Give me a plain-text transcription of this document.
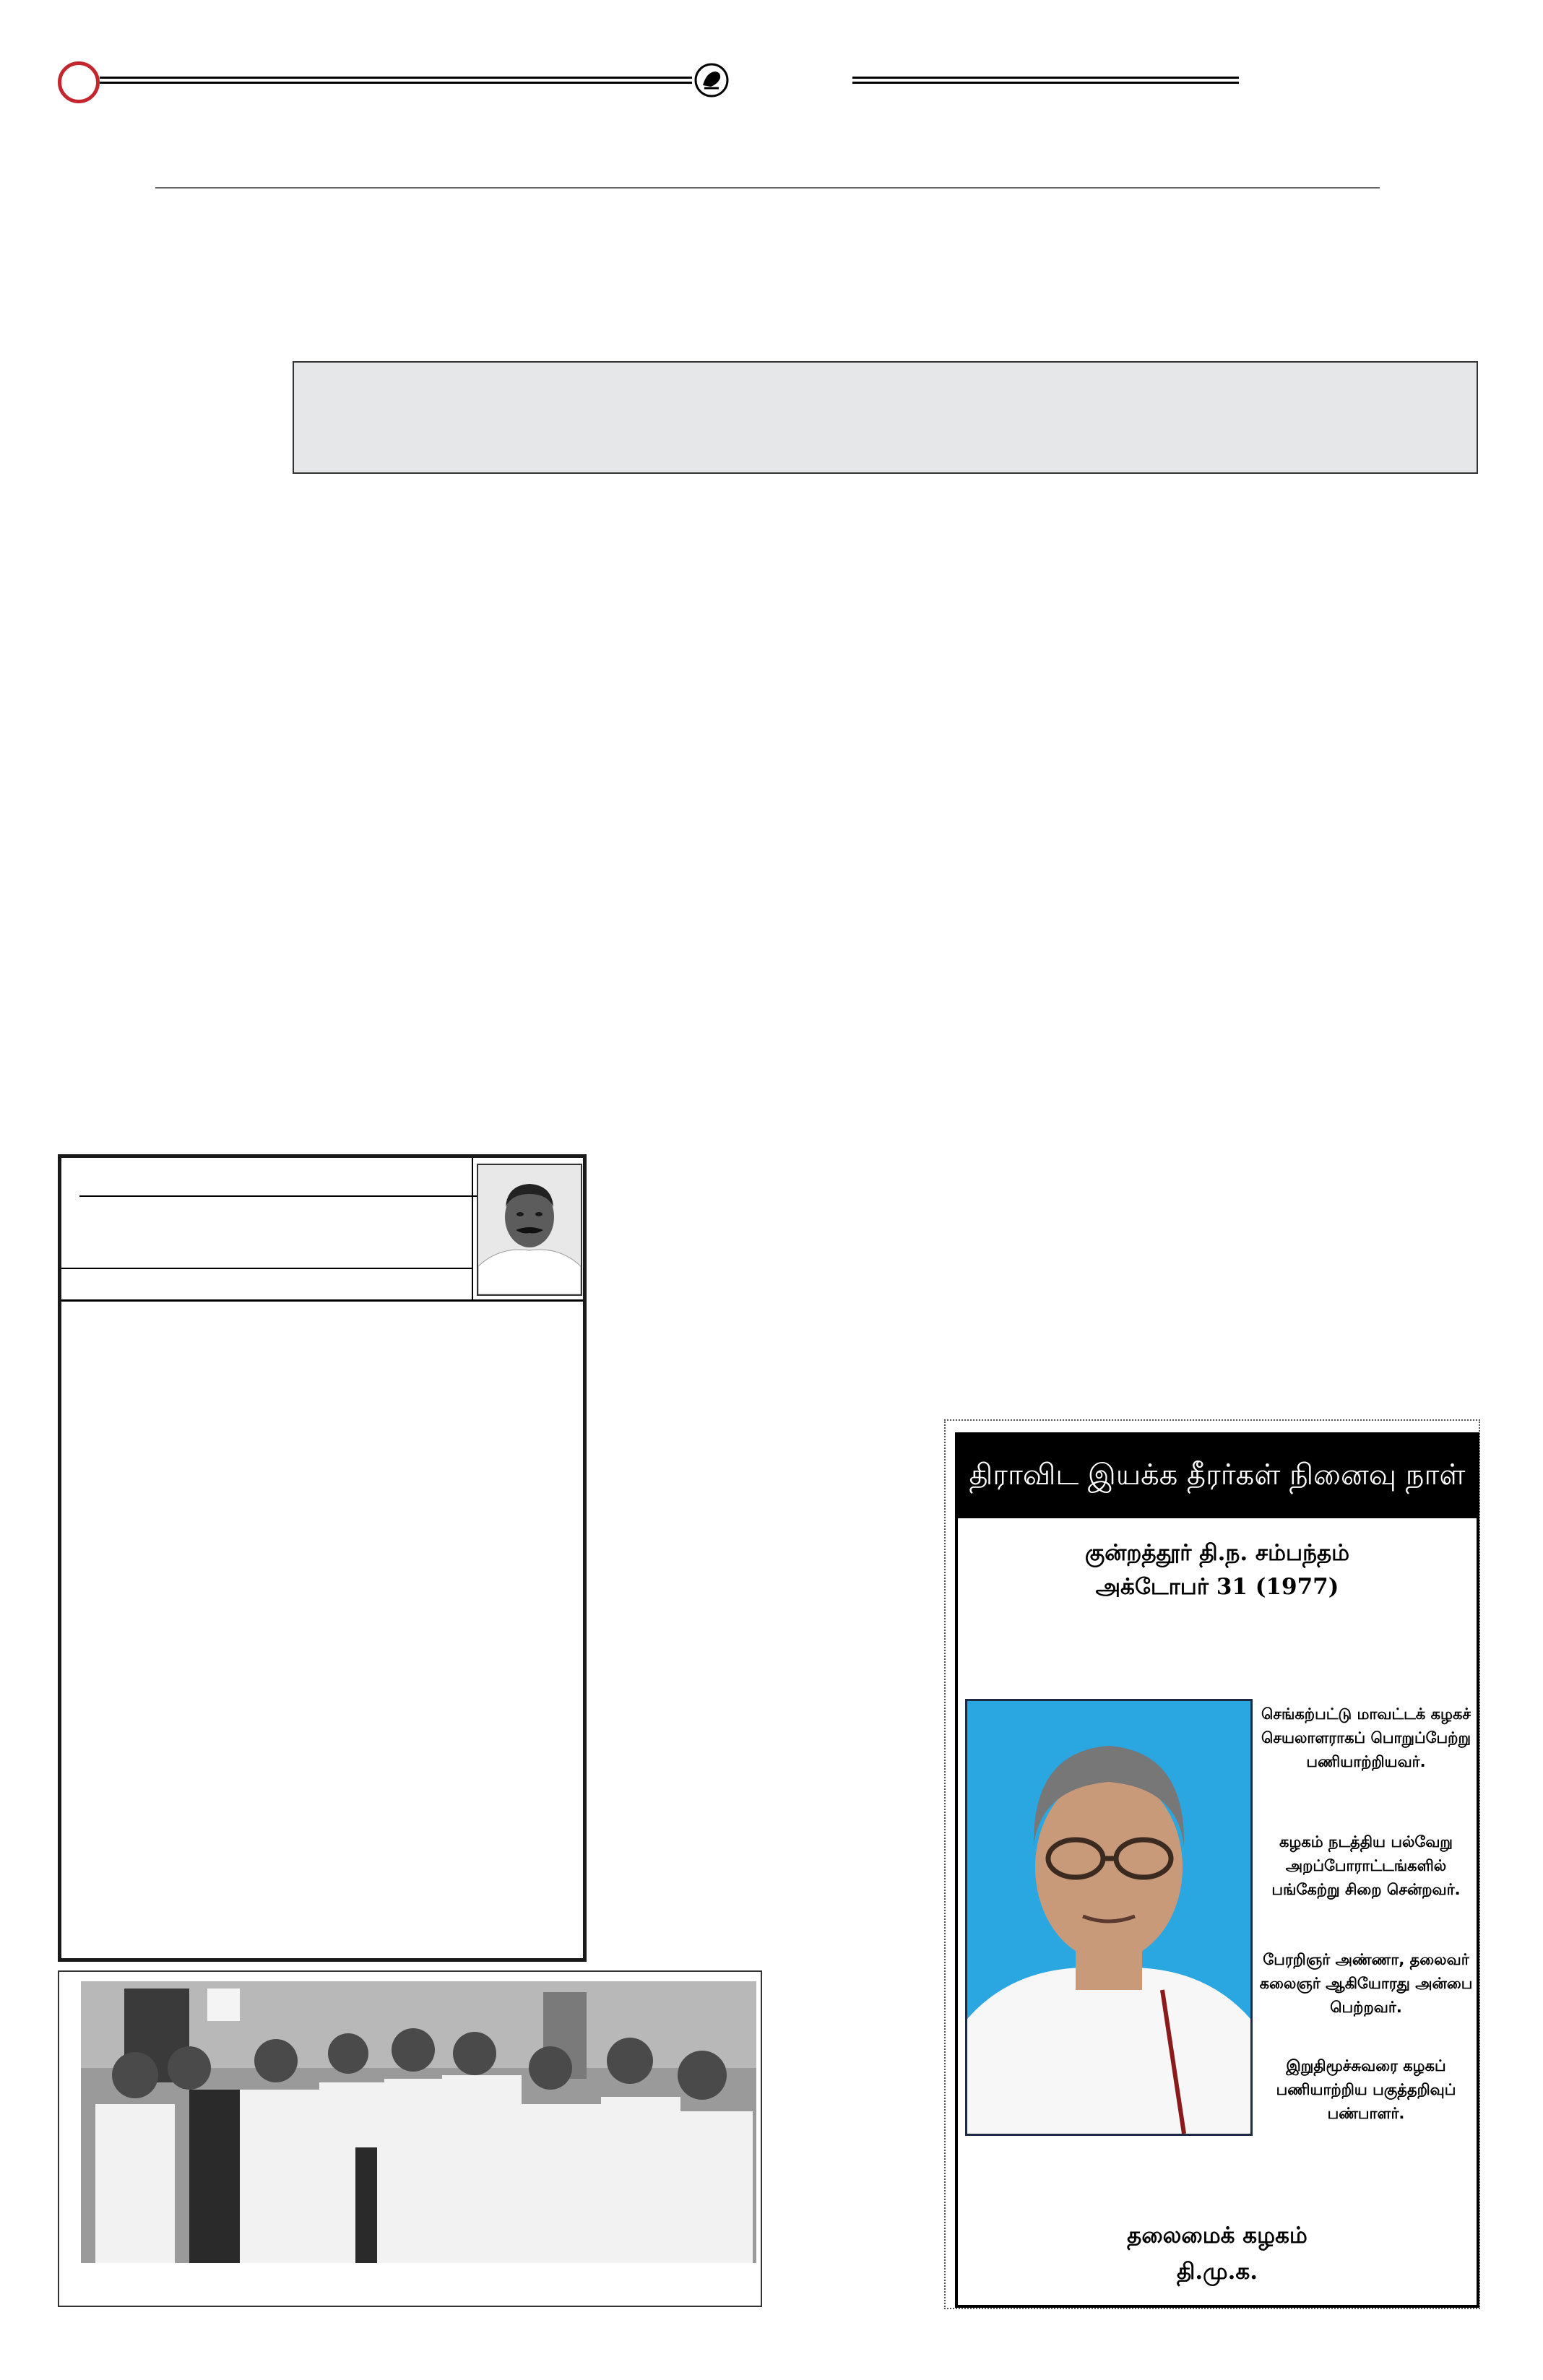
திராவிட இயக்க தீரர்கள் நினைவு நாள்
குன்றத்தூர் தி.ந. சம்பந்தம்
அக்டோபர் 31 (1977)
செங்கற்பட்டு மாவட்டக் கழகச் செயலாளராகப் பொறுப்பேற்று பணியாற்றியவர்.
கழகம் நடத்திய பல்வேறு அறப்போராட்டங்களில் பங்கேற்று சிறை சென்றவர்.
பேரறிஞர் அண்ணா, தலைவர் கலைஞர் ஆகியோரது அன்பை பெற்றவர்.
இறுதிமூச்சுவரை கழகப் பணியாற்றிய பகுத்தறிவுப் பண்பாளர்.
தலைமைக் கழகம்
தி.மு.க.
